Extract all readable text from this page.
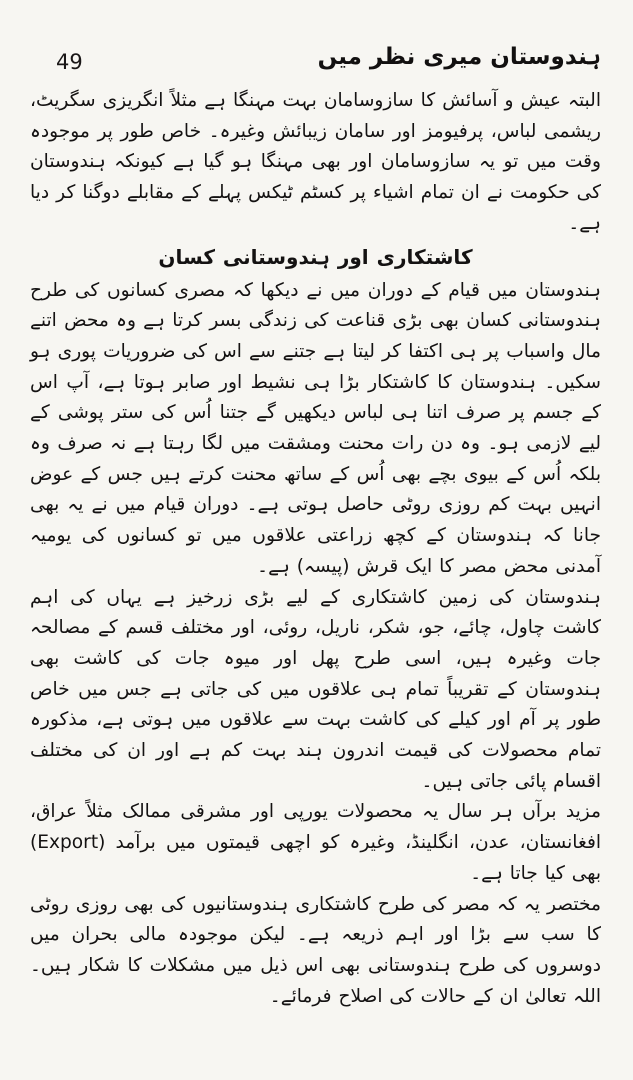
49	ہندوستان میری نظر میں

البتہ عیش و آسائش کا سازوسامان بہت مہنگا ہے مثلاً انگریزی سگریٹ، ریشمی لباس، پرفیومز اور سامان زیبائش وغیرہ۔ خاص طور پر موجودہ وقت میں تو یہ سازوسامان اور بھی مہنگا ہو گیا ہے کیونکہ ہندوستان کی حکومت نے ان تمام اشیاء پر کسٹم ٹیکس پہلے کے مقابلے دوگنا کر دیا ہے۔

کاشتکاری اور ہندوستانی کسان

ہندوستان میں قیام کے دوران میں نے دیکھا کہ مصری کسانوں کی طرح ہندوستانی کسان بھی بڑی قناعت کی زندگی بسر کرتا ہے وہ محض اتنے مال واسباب پر ہی اکتفا کر لیتا ہے جتنے سے اس کی ضروریات پوری ہو سکیں۔ ہندوستان کا کاشتکار بڑا ہی نشیط اور صابر ہوتا ہے، آپ اس کے جسم پر صرف اتنا ہی لباس دیکھیں گے جتنا اُس کی ستر پوشی کے لیے لازمی ہو۔ وہ دن رات محنت ومشقت میں لگا رہتا ہے نہ صرف وہ بلکہ اُس کے بیوی بچے بھی اُس کے ساتھ محنت کرتے ہیں جس کے عوض انہیں بہت کم روزی روٹی حاصل ہوتی ہے۔ دوران قیام میں نے یہ بھی جانا کہ ہندوستان کے کچھ زراعتی علاقوں میں تو کسانوں کی یومیہ آمدنی محض مصر کا ایک قرش (پیسہ) ہے۔

ہندوستان کی زمین کاشتکاری کے لیے بڑی زرخیز ہے یہاں کی اہم کاشت چاول، چائے، جو، شکر، ناریل، روئی، اور مختلف قسم کے مصالحہ جات وغیرہ ہیں، اسی طرح پھل اور میوہ جات کی کاشت بھی ہندوستان کے تقریباً تمام ہی علاقوں میں کی جاتی ہے جس میں خاص طور پر آم اور کیلے کی کاشت بہت سے علاقوں میں ہوتی ہے، مذکورہ تمام محصولات کی قیمت اندرون ہند بہت کم ہے اور ان کی مختلف اقسام پائی جاتی ہیں۔

مزید برآں ہر سال یہ محصولات یورپی اور مشرقی ممالک مثلاً عراق، افغانستان، عدن، انگلینڈ، وغیرہ کو اچھی قیمتوں میں برآمد (Export) بھی کیا جاتا ہے۔

مختصر یہ کہ مصر کی طرح کاشتکاری ہندوستانیوں کی بھی روزی روٹی کا سب سے بڑا اور اہم ذریعہ ہے۔ لیکن موجودہ مالی بحران میں دوسروں کی طرح ہندوستانی بھی اس ذیل میں مشکلات کا شکار ہیں۔ اللہ تعالیٰ ان کے حالات کی اصلاح فرمائے۔
